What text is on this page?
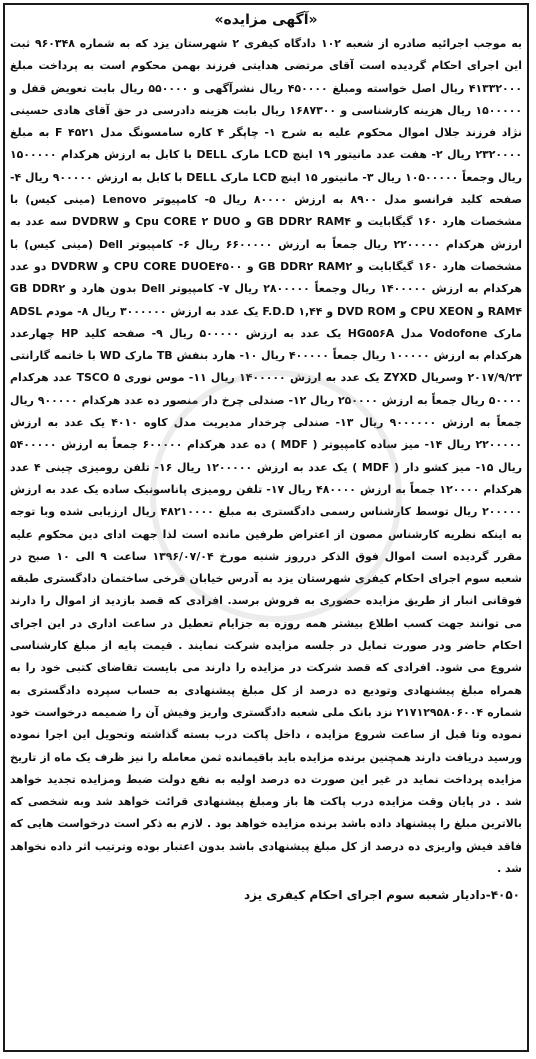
«آگهی مزایده»

به موجب اجرائیه صادره از شعبه ۱۰۲ دادگاه کیفری ۲ شهرستان یزد که به شماره ۹۶۰۳۴۸ ثبت این اجرای احکام گردیده است آقای مرتضی هدایتی فرزند بهمن محکوم است به پرداخت مبلغ ۴۱۳۳۲۰۰۰ ریال اصل خواسته ومبلغ ۴۵۰۰۰۰ ریال نشرآگهی و ۵۵۰۰۰۰ ریال بابت تعویض قفل و ۱۵۰۰۰۰۰ ریال هزینه کارشناسی و ۱۶۸۷۳۰۰ ریال بابت هزینه دادرسی در حق آقای هادی حسینی نژاد فرزند جلال اموال محکوم علیه به شرح ۱- چاپگر ۴ کاره سامسونگ مدل F ۴۵۲۱ به مبلغ ۲۳۲۰۰۰۰ ریال ۲- هفت عدد مانیتور ۱۹ اینچ LCD مارک DELL با کابل به ارزش هرکدام ۱۵۰۰۰۰۰ ریال وجمعاً ۱۰۵۰۰۰۰۰ ریال ۳- مانیتور ۱۵ اینچ LCD مارک DELL با کابل به ارزش ۹۰۰۰۰۰ ریال ۴- صفحه کلید فرانسو مدل ۸۹۰۰ به ارزش ۸۰۰۰۰ ریال ۵- کامپیوتر Lenovo (مینی کیس) با مشخصات هارد ۱۶۰ گیگابایت و GB DDR۲ RAM۴ و Cpu CORE ۲ DUO و DVDRW سه عدد به ارزش هرکدام ۲۲۰۰۰۰۰ ریال جمعاً به ارزش ۶۶۰۰۰۰۰ ریال ۶- کامپیوتر Dell (مینی کیس) با مشخصات هارد ۱۶۰ گیگابایت و GB DDR۲ RAM۲ و CPU CORE DUOE۴۵۰۰ و DVDRW دو عدد هرکدام به ارزش ۱۴۰۰۰۰۰ ریال وجمعاً ۲۸۰۰۰۰۰ ریال ۷- کامپیوتر Dell بدون هارد و GB DDR۲ RAM۴ و CPU XEON و DVD ROM و F.D.D ۱,۴۴ یک عدد به ارزش ۳۰۰۰۰۰۰ ریال ۸- مودم ADSL مارک Vodofone مدل HG۵۵۶A یک عدد به ارزش ۵۰۰۰۰۰ ریال ۹- صفحه کلید HP چهارعدد هرکدام به ارزش ۱۰۰۰۰۰ ریال جمعاً ۴۰۰۰۰۰ ریال ۱۰- هارد بنفش TB مارک WD با خاتمه گارانتی ۲۰۱۷/۹/۲۳ وسریال ZYXD یک عدد به ارزش ۱۴۰۰۰۰۰ ریال ۱۱- موس نوری TSCO ۵ عدد هرکدام ۵۰۰۰۰ ریال جمعاً به ارزش ۲۵۰۰۰۰ ریال ۱۲- صندلی چرخ دار منصور ده عدد هرکدام ۹۰۰۰۰۰ ریال جمعاً به ارزش ۹۰۰۰۰۰۰ ریال ۱۳- صندلی چرخدار مدیریت مدل کاوه ۴۰۱۰ یک عدد به ارزش ۲۲۰۰۰۰۰ ریال ۱۴- میز ساده کامپیوتر ( MDF ) ده عدد هرکدام ۶۰۰۰۰۰ جمعاً به ارزش ۵۴۰۰۰۰۰ ریال ۱۵- میز کشو دار ( MDF ) یک عدد به ارزش ۱۲۰۰۰۰۰ ریال ۱۶- تلفن رومیزی چینی ۴ عدد هرکدام ۱۲۰۰۰۰ جمعاً به ارزش ۴۸۰۰۰۰ ریال ۱۷- تلفن رومیزی پاناسونیک ساده یک عدد به ارزش ۲۰۰۰۰۰ ریال توسط کارشناس رسمی دادگستری به مبلغ ۴۸۲۱۰۰۰۰ ریال ارزیابی شده وبا توجه به اینکه نظریه کارشناس مصون از اعتراض طرفین مانده است لذا جهت ادای دین محکوم علیه مقرر گردیده است اموال فوق الذکر درروز شنبه مورخ ۱۳۹۶/۰۷/۰۴ ساعت ۹ الی ۱۰ صبح در شعبه سوم اجرای احکام کیفری شهرستان یزد به آدرس خیابان فرخی ساختمان دادگستری طبقه فوقانی انبار از طریق مزایده حضوری به فروش برسد. افرادی که قصد بازدید از اموال را دارند می توانند جهت کسب اطلاع بیشتر همه روزه به جزایام تعطیل در ساعت اداری در این اجرای احکام حاضر ودر صورت تمایل در جلسه مزایده شرکت نمایند . قیمت پایه از مبلغ کارشناسی شروع می شود. افرادی که قصد شرکت در مزایده را دارند می بایست تقاضای کتبی خود را به همراه مبلغ پیشنهادی وتودیع ده درصد از کل مبلغ پیشنهادی به حساب سپرده دادگستری به شماره ۲۱۷۱۲۹۵۸۰۶۰۰۴ نزد بانک ملی شعبه دادگستری واریز وفیش آن را ضمیمه درخواست خود نموده وتا قبل از ساعت شروع مزایده ، داخل پاکت درب بسته گذاشته وتحویل این اجرا نموده ورسید دریافت دارند همچنین برنده مزایده باید باقیمانده ثمن معامله را نیز ظرف یک ماه از تاریخ مزایده پرداخت نماید در غیر این صورت ده درصد اولیه به نفع دولت ضبط ومزایده تجدید خواهد شد . در پایان وقت مزایده درب پاکت ها باز ومبلغ پیشنهادی قرائت خواهد شد وبه شخصی که بالاترین مبلغ را پیشنهاد داده باشد برنده مزایده خواهد بود . لازم به ذکر است درخواست هایی که فاقد فیش واریزی ده درصد از کل مبلغ پیشنهادی باشد بدون اعتبار بوده وترتیب اثر داده نخواهد شد .

۴۰۵۰-دادیار شعبه سوم اجرای احکام کیفری یزد
